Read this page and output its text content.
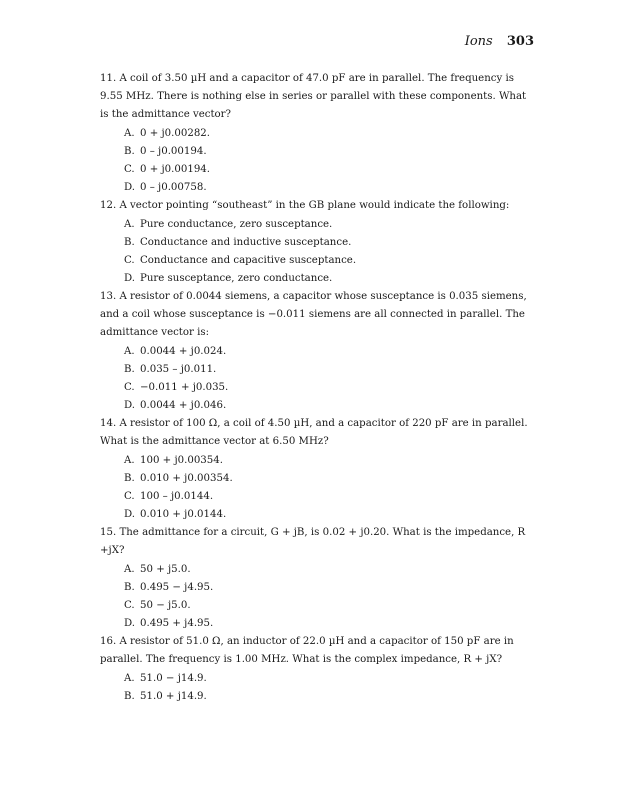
Ions 303

11. A coil of 3.50 µH and a capacitor of 47.0 pF are in parallel. The frequency is 9.55 MHz. There is nothing else in series or parallel with these components. What is the admittance vector?

A. 0 + j0.00282.
B. 0 – j0.00194.
C. 0 + j0.00194.
D. 0 – j0.00758.

12. A vector pointing “southeast” in the GB plane would indicate the following:

A. Pure conductance, zero susceptance.
B. Conductance and inductive susceptance.
C. Conductance and capacitive susceptance.
D. Pure susceptance, zero conductance.

13. A resistor of 0.0044 siemens, a capacitor whose susceptance is 0.035 siemens, and a coil whose susceptance is −0.011 siemens are all connected in parallel. The admittance vector is:

A. 0.0044 + j0.024.
B. 0.035 – j0.011.
C. −0.011 + j0.035.
D. 0.0044 + j0.046.

14. A resistor of 100 Ω, a coil of 4.50 µH, and a capacitor of 220 pF are in parallel. What is the admittance vector at 6.50 MHz?

A. 100 + j0.00354.
B. 0.010 + j0.00354.
C. 100 – j0.0144.
D. 0.010 + j0.0144.

15. The admittance for a circuit, G + jB, is 0.02 + j0.20. What is the impedance, R +jX?

A. 50 + j5.0.
B. 0.495 − j4.95.
C. 50 − j5.0.
D. 0.495 + j4.95.

16. A resistor of 51.0 Ω, an inductor of 22.0 µH and a capacitor of 150 pF are in parallel. The frequency is 1.00 MHz. What is the complex impedance, R + jX?

A. 51.0 − j14.9.
B. 51.0 + j14.9.
